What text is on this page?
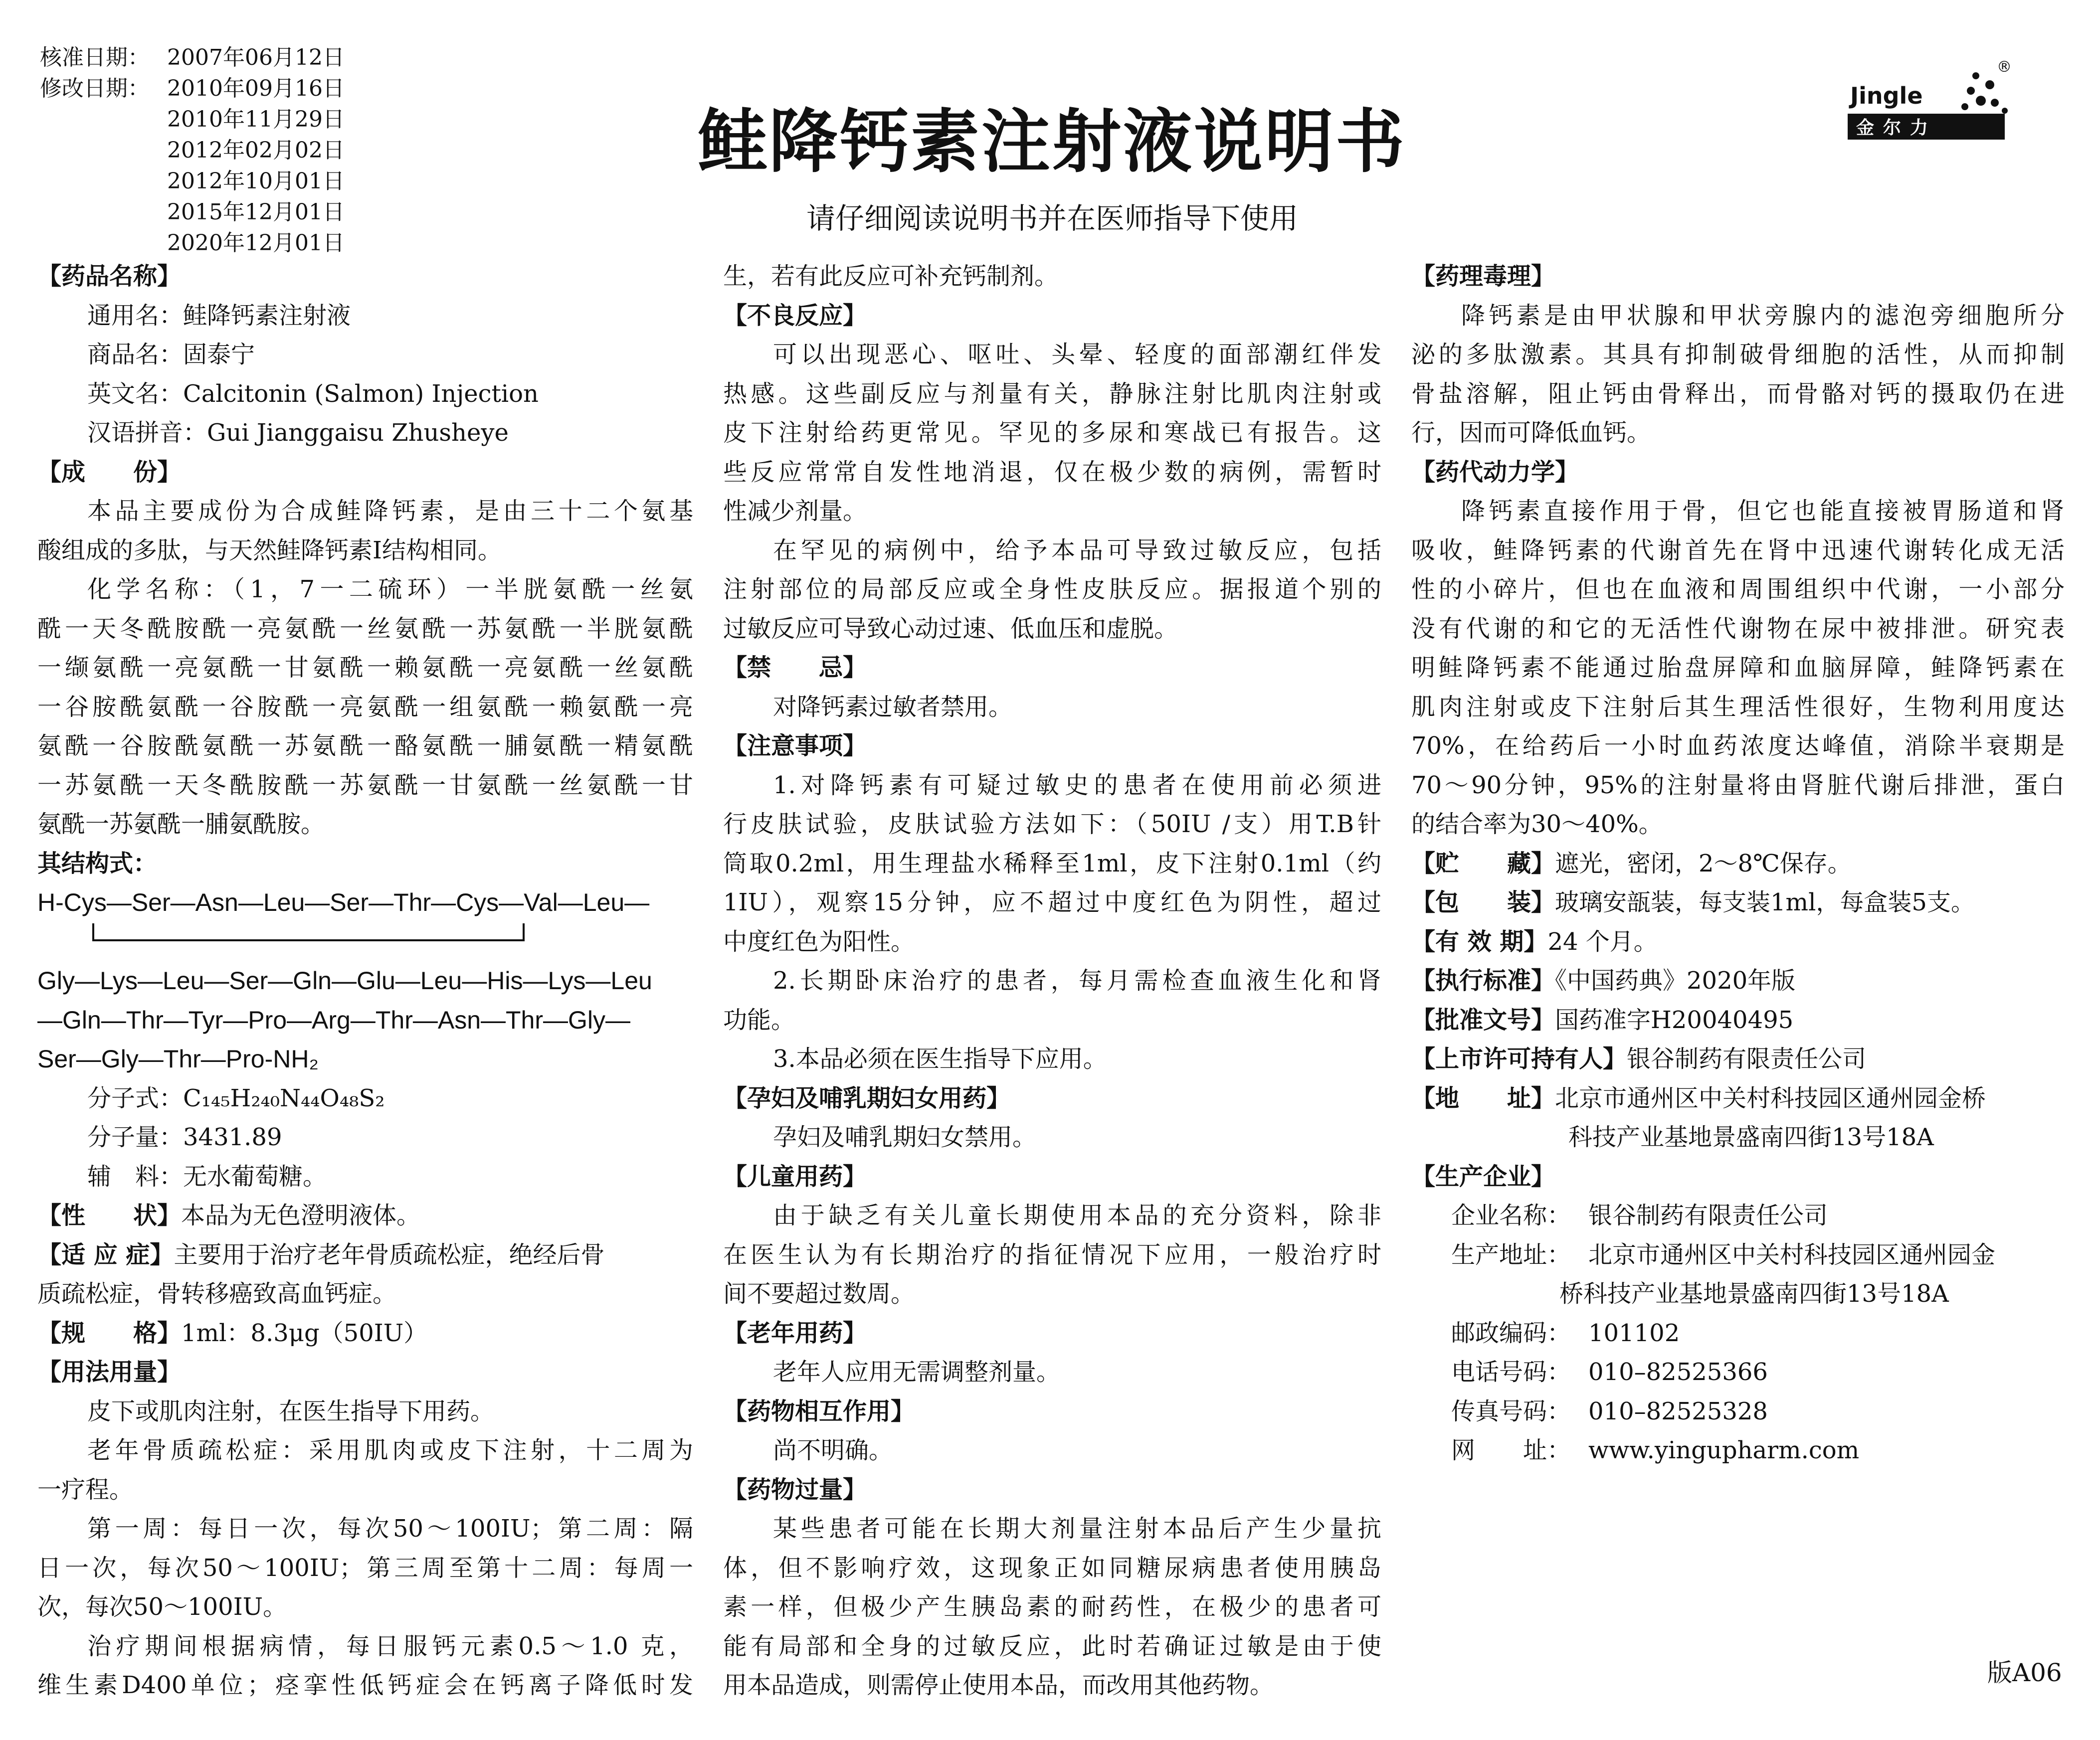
核准日期： 2007年06月12日
修改日期： 2010年09月16日
2010年11月29日
2012年02月02日
2012年10月01日
2015年12月01日
2020年12月01日
鲑降钙素注射液说明书
请仔细阅读说明书并在医师指导下使用
Jingle
金尔力
®

【药品名称】

通用名：鲑降钙素注射液

商品名：固泰宁

英文名：Calcitonin (Salmon) Injection

汉语拼音：Gui Jianggaisu Zhusheye

【成　　份】

本品主要成份为合成鲑降钙素，是由三十二个氨基

酸组成的多肽，与天然鲑降钙素Ⅰ结构相同。

化学名称：（1，7一二硫环）一半胱氨酰一丝氨

酰一天冬酰胺酰一亮氨酰一丝氨酰一苏氨酰一半胱氨酰

一缬氨酰一亮氨酰一甘氨酰一赖氨酰一亮氨酰一丝氨酰

一谷胺酰氨酰一谷胺酰一亮氨酰一组氨酰一赖氨酰一亮

氨酰一谷胺酰氨酰一苏氨酰一酪氨酰一脯氨酰一精氨酰

一苏氨酰一天冬酰胺酰一苏氨酰一甘氨酰一丝氨酰一甘

氨酰一苏氨酰一脯氨酰胺。

其结构式：

H-Cys—Ser—Asn—Leu—Ser—Thr—Cys—Val—Leu—

Gly—Lys—Leu—Ser—Gln—Glu—Leu—His—Lys—Leu

—Gln—Thr—Tyr—Pro—Arg—Thr—Asn—Thr—Gly—

Ser—Gly—Thr—Pro-NH₂

分子式：C₁₄₅H₂₄₀N₄₄O₄₈S₂

分子量：3431.89

辅　料：无水葡萄糖。

【性　　状】本品为无色澄明液体。

【适 应 症】主要用于治疗老年骨质疏松症，绝经后骨

质疏松症，骨转移癌致高血钙症。

【规　　格】1ml：8.3μg（50IU）

【用法用量】

皮下或肌肉注射，在医生指导下用药。

老年骨质疏松症：采用肌肉或皮下注射，十二周为

一疗程。

第一周：每日一次，每次50～100IU；第二周：隔

日一次，每次50～100IU；第三周至第十二周：每周一

次，每次50～100IU。

治疗期间根据病情，每日服钙元素0.5～1.0 克，

维生素D400单位；痉挛性低钙症会在钙离子降低时发

生，若有此反应可补充钙制剂。

【不良反应】

可以出现恶心、呕吐、头晕、轻度的面部潮红伴发

热感。这些副反应与剂量有关，静脉注射比肌肉注射或

皮下注射给药更常见。罕见的多尿和寒战已有报告。这

些反应常常自发性地消退，仅在极少数的病例，需暂时

性减少剂量。

在罕见的病例中，给予本品可导致过敏反应，包括

注射部位的局部反应或全身性皮肤反应。据报道个别的

过敏反应可导致心动过速、低血压和虚脱。

【禁　　忌】

对降钙素过敏者禁用。

【注意事项】

1.对降钙素有可疑过敏史的患者在使用前必须进

行皮肤试验，皮肤试验方法如下：（50IU /支）用T.B针

筒取0.2ml，用生理盐水稀释至1ml，皮下注射0.1ml（约

1IU），观察15分钟，应不超过中度红色为阴性，超过

中度红色为阳性。

2.长期卧床治疗的患者，每月需检查血液生化和肾

功能。

3.本品必须在医生指导下应用。

【孕妇及哺乳期妇女用药】

孕妇及哺乳期妇女禁用。

【儿童用药】

由于缺乏有关儿童长期使用本品的充分资料，除非

在医生认为有长期治疗的指征情况下应用，一般治疗时

间不要超过数周。

【老年用药】

老年人应用无需调整剂量。

【药物相互作用】

尚不明确。

【药物过量】

某些患者可能在长期大剂量注射本品后产生少量抗

体，但不影响疗效，这现象正如同糖尿病患者使用胰岛

素一样，但极少产生胰岛素的耐药性，在极少的患者可

能有局部和全身的过敏反应，此时若确证过敏是由于使

用本品造成，则需停止使用本品，而改用其他药物。

【药理毒理】

降钙素是由甲状腺和甲状旁腺内的滤泡旁细胞所分

泌的多肽激素。其具有抑制破骨细胞的活性，从而抑制

骨盐溶解，阻止钙由骨释出，而骨骼对钙的摄取仍在进

行，因而可降低血钙。

【药代动力学】

降钙素直接作用于骨，但它也能直接被胃肠道和肾

吸收，鲑降钙素的代谢首先在肾中迅速代谢转化成无活

性的小碎片，但也在血液和周围组织中代谢，一小部分

没有代谢的和它的无活性代谢物在尿中被排泄。研究表

明鲑降钙素不能通过胎盘屏障和血脑屏障，鲑降钙素在

肌肉注射或皮下注射后其生理活性很好，生物利用度达

70%，在给药后一小时血药浓度达峰值，消除半衰期是

70～90分钟，95%的注射量将由肾脏代谢后排泄，蛋白

的结合率为30～40%。

【贮　　藏】遮光，密闭，2～8℃保存。

【包　　装】玻璃安瓿装，每支装1ml，每盒装5支。

【有 效 期】24 个月。

【执行标准】《中国药典》2020年版

【批准文号】国药准字H20040495

【上市许可持有人】银谷制药有限责任公司

【地　　址】北京市通州区中关村科技园区通州园金桥

科技产业基地景盛南四街13号18A

【生产企业】

企业名称： 银谷制药有限责任公司

生产地址： 北京市通州区中关村科技园区通州园金

桥科技产业基地景盛南四街13号18A

邮政编码： 101102

电话号码： 010–82525366

传真号码： 010–82525328

网　　址： www.yingupharm.com

版A06
